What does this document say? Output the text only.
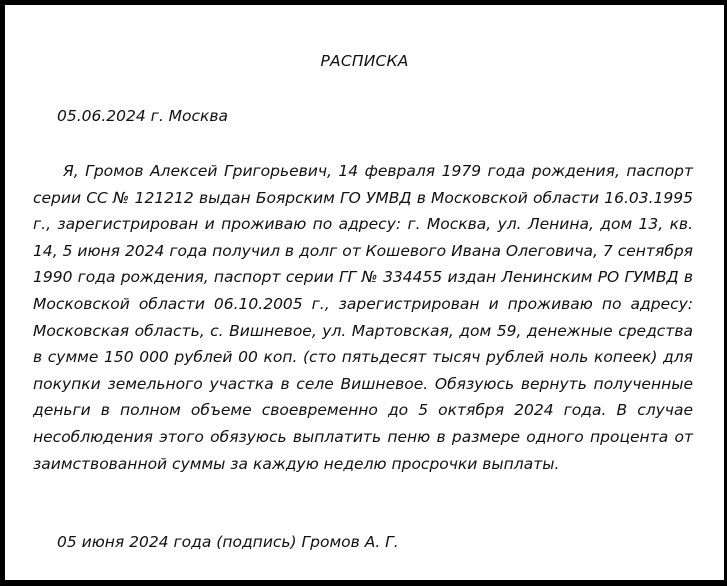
РАСПИСКА

05.06.2024 г. Москва

Я, Громов Алексей Григорьевич, 14 февраля 1979 года рождения, паспорт серии СС № 121212 выдан Боярским ГО УМВД в Московской области 16.03.1995 г., зарегистрирован и проживаю по адресу: г. Москва, ул. Ленина, дом 13, кв. 14, 5 июня 2024 года получил в долг от Кошевого Ивана Олеговича, 7 сентября 1990 года рождения, паспорт серии ГГ № 334455 издан Ленинским РО ГУМВД в Московской области 06.10.2005 г., зарегистрирован и проживаю по адресу: Московская область, с. Вишневое, ул. Мартовская, дом 59, денежные средства в сумме 150 000 рублей 00 коп. (сто пятьдесят тысяч рублей ноль копеек) для покупки земельного участка в селе Вишневое. Обязуюсь вернуть полученные деньги в полном объеме своевременно до 5 октября 2024 года. В случае несоблюдения этого обязуюсь выплатить пеню в размере одного процента от заимствованной суммы за каждую неделю просрочки выплаты.

05 июня 2024 года (подпись) Громов А. Г.
